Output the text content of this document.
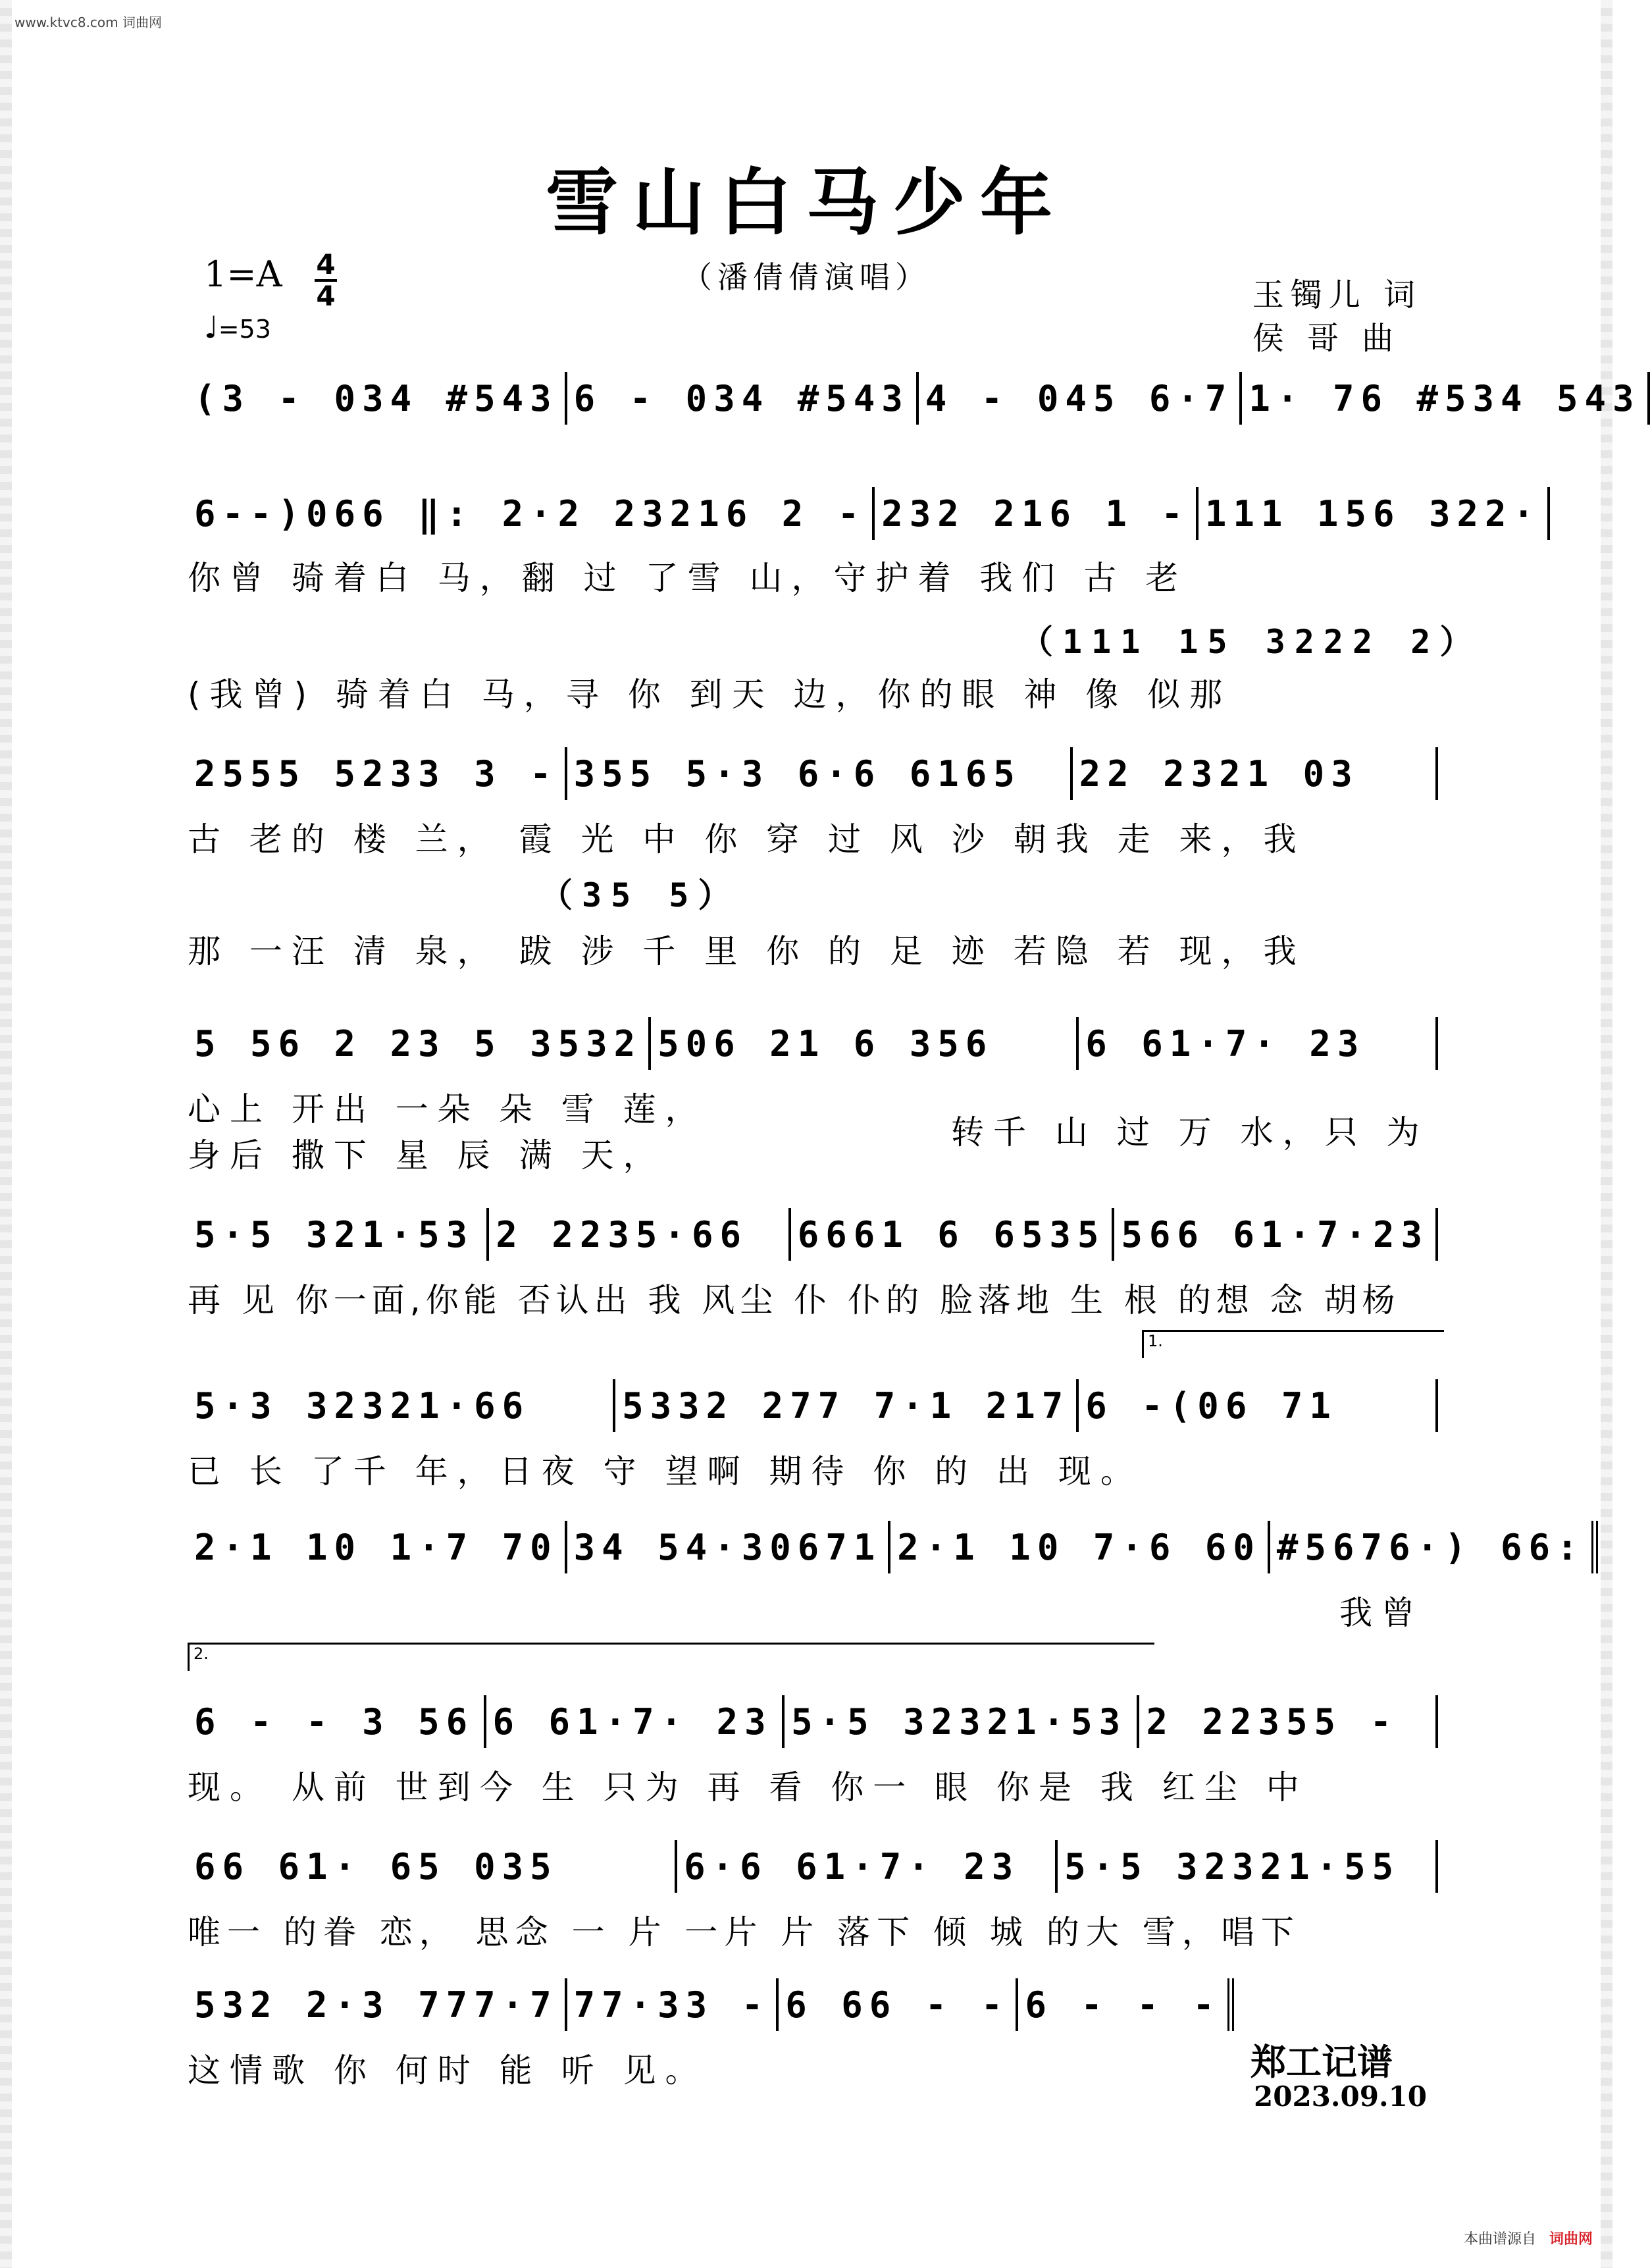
www.ktvc8.com 词曲网
雪山白马少年
（潘倩倩演唱）	玉镯儿 词
侯 哥 曲
1=A 4
4
♩=53
(3 - 034 #543 6 - 034 #543 4 - 045 6·7 1· 76 #534 543
6--)066 ‖: 2·2 23216 2 - 232 216 1 - 111 156 322·
你曾 骑着白 马，翻 过 了雪 山，守护着 我们 古 老
（111 15 3222 2）
(我曾) 骑着白 马，寻 你 到天 边，你的眼 神 像 似那
2555 5233 3 - 355 5·3 6·6 6165	22 2321 03
古 老的 楼 兰， 霞 光 中 你 穿 过 风 沙 朝我 走 来，我
（35 5）
那 一汪 清 泉， 跋 涉 千 里 你 的 足 迹 若隐 若 现，我
5 56 2 23 5 3532 506 21 6 356	6 61·7· 23
心上 开出 一朵 朵 雪 莲，
身后 撒下 星 辰 满 天，
转千 山 过 万 水，只 为
5·5 321·53 2 2235·66	6661 6 6535 566 61·7·23
再 见 你一面,你能 否认出 我 风尘 仆 仆的 脸落地 生 根 的想 念 胡杨
1.
5·3 32321·66	5332 277 7·1 217 6 -(06 71
已 长 了千 年，日夜 守 望啊 期待 你 的 出 现。
2·1 10 1·7 70 34 54·30671 2·1 10 7·6 60 #5676·) 66:
我曾
2.
6 - - 3 56 6 61·7· 23 5·5 32321·53 2 22355 -
现。 从前 世到今 生 只为 再 看 你一 眼 你是 我 红尘 中
66 61· 65 035	6·6 61·7· 23	5·5 32321·55
唯一 的眷 恋， 思念 一 片 一片 片 落下 倾 城 的大 雪，唱下
532 2·3 777·7 77·33 - 6 66 - - 6 - - -
这情歌 你 何时 能 听 见。	郑工记谱
2023.09.10
本曲谱源自 词曲网
